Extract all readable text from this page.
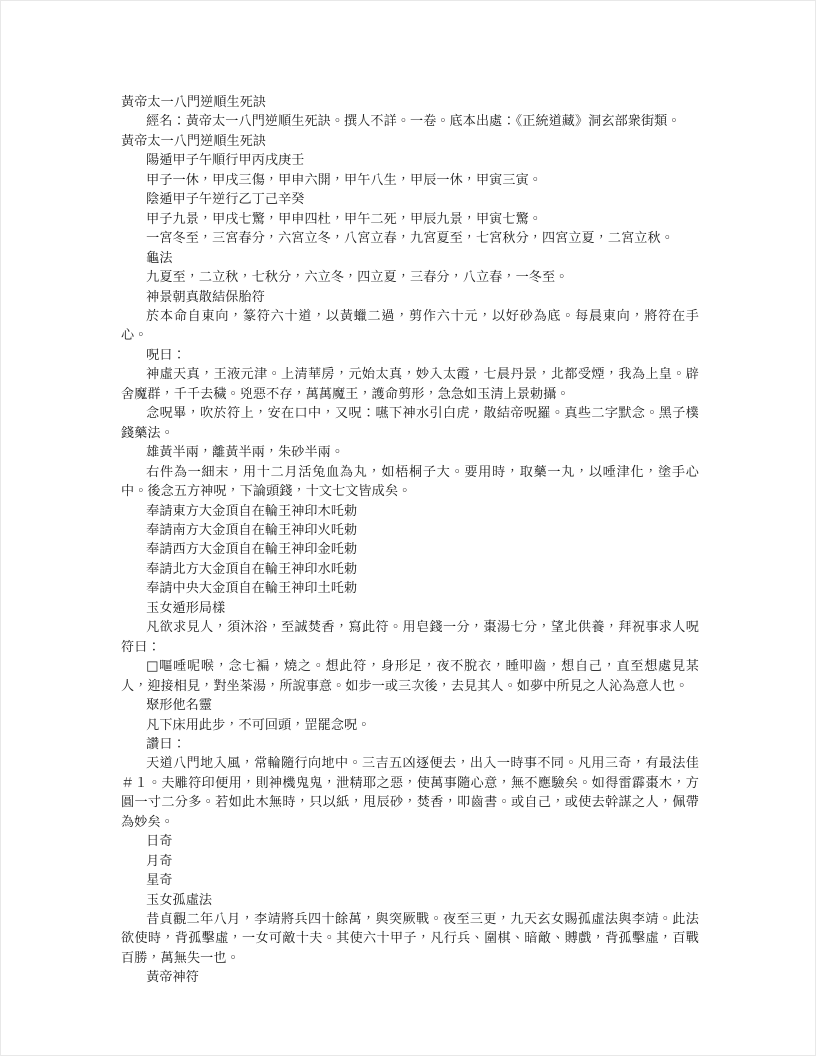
黃帝太一八門逆順生死訣

經名：黃帝太一八門逆順生死訣。撰人不詳。一卷。底本出處：《正統道藏》洞玄部衆街類。

黃帝太一八門逆順生死訣

陽遁甲子午順行甲丙戌庚壬

甲子一休，甲戌三傷，甲申六開，甲午八生，甲辰一休，甲寅三寅。

陰遁甲子午逆行乙丁己辛癸

甲子九景，甲戌七驚，甲申四杜，甲午二死，甲辰九景，甲寅七驚。

一宮冬至，三宮春分，六宮立冬，八宮立春，九宮夏至，七宮秋分，四宮立夏，二宮立秋。

龜法

九夏至，二立秋，七秋分，六立冬，四立夏，三春分，八立春，一冬至。

神景朝真散結保胎符

於本命自東向，篆符六十道，以黃蠟二過，剪作六十元，以好砂為底。每晨東向，將符在手心。

呪曰：

神虛天真，王液元津。上清華房，元始太真，妙入太霞，七晨丹景，北都受煙，我為上皇。辟舍魔群，千千去穢。兇惡不存，萬萬魔王，護命剪形，急急如玉清上景勅攝。

念呪畢，吹於符上，安在口中，又呪：嚥下神水引白虎，散結帝呪羅。真些二字默念。黑子樸錢藥法。

雄黃半兩，離黃半兩，朱砂半兩。

右件為一細末，用十二月活兔血為丸，如梧桐子大。要用時，取藥一丸，以唾津化，塗手心中。後念五方神呪，下論頭錢，十文七文皆成矣。

奉請東方大金頂自在輪王神印木吒勅

奉請南方大金頂自在輪王神印火吒勅

奉請西方大金頂自在輪王神印金吒勅

奉請北方大金頂自在輪王神印水吒勅

奉請中央大金頂自在輪王神印土吒勅

玉女遁形局樣

凡欲求見人，須沐浴，至誠焚香，寫此符。用皂錢一分，棗湯七分，望北供養，拜祝事求人呪符曰：

□嘔唾呢喉，念七褊，燒之。想此符，身形足，夜不脫衣，睡叩齒，想自己，直至想處見某人，迎接相見，對坐茶湯，所說事意。如步一或三次後，去見其人。如夢中所見之人沁為意人也。

聚形他名靈

凡下床用此步，不可回頭，罡罷念呪。

讚曰：

天道八門地入風，常輪隨行向地中。三吉五凶逐便去，出入一時事不同。凡用三奇，有最法佳＃１。夫雕符印便用，則神機鬼鬼，泄精耶之惡，使萬事隨心意，無不應驗矣。如得雷霹棗木，方圓一寸二分多。若如此木無時，只以紙，甩辰砂，焚香，叩齒書。或自己，或使去幹謀之人，佩帶為妙矣。

日奇

月奇

星奇

玉女孤虛法

昔貞觀二年八月，李靖將兵四十餘萬，與突厥戰。夜至三更，九天玄女賜孤虛法與李靖。此法欲使時，背孤擊虛，一女可敵十夫。其使六十甲子，凡行兵、圍棋、暗敵、賻戲，背孤擊虛，百戰百勝，萬無失一也。

黃帝神符
